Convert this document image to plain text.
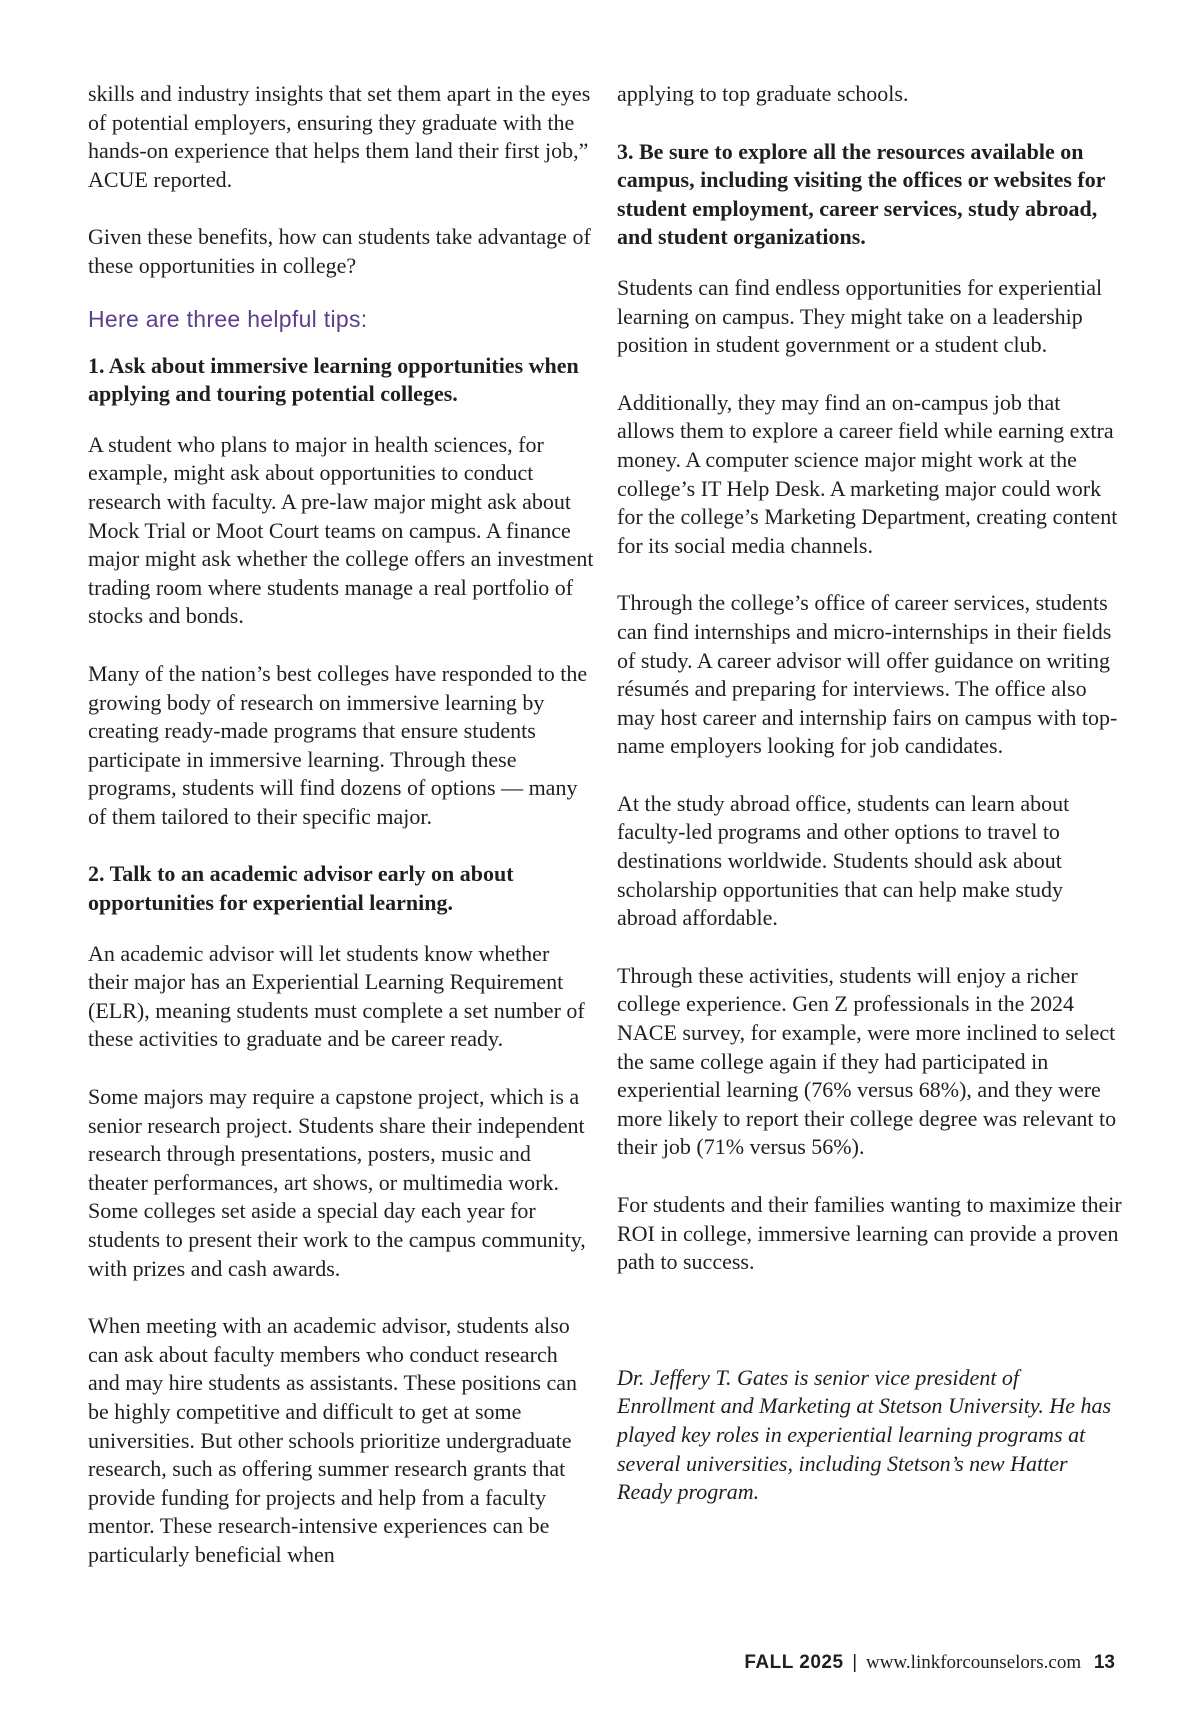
skills and industry insights that set them apart in the eyes of potential employers, ensuring they graduate with the hands-on experience that helps them land their first job,” ACUE reported.

Given these benefits, how can students take advantage of these opportunities in college?

Here are three helpful tips:

1. Ask about immersive learning opportunities when applying and touring potential colleges.

A student who plans to major in health sciences, for example, might ask about opportunities to conduct research with faculty. A pre-law major might ask about Mock Trial or Moot Court teams on campus. A finance major might ask whether the college offers an investment trading room where students manage a real portfolio of stocks and bonds.

Many of the nation’s best colleges have responded to the growing body of research on immersive learning by creating ready-made programs that ensure students participate in immersive learning. Through these programs, students will find dozens of options — many of them tailored to their specific major.

2. Talk to an academic advisor early on about opportunities for experiential learning.

An academic advisor will let students know whether their major has an Experiential Learning Requirement (ELR), meaning students must complete a set number of these activities to graduate and be career ready.

Some majors may require a capstone project, which is a senior research project. Students share their independent research through presentations, posters, music and theater performances, art shows, or multimedia work. Some colleges set aside a special day each year for students to present their work to the campus community, with prizes and cash awards.

When meeting with an academic advisor, students also can ask about faculty members who conduct research and may hire students as assistants. These positions can be highly competitive and difficult to get at some universities. But other schools prioritize undergraduate research, such as offering summer research grants that provide funding for projects and help from a faculty mentor. These research-intensive experiences can be particularly beneficial when

applying to top graduate schools.

3. Be sure to explore all the resources available on campus, including visiting the offices or websites for student employment, career services, study abroad, and student organizations.

Students can find endless opportunities for experiential learning on campus. They might take on a leadership position in student government or a student club.

Additionally, they may find an on-campus job that allows them to explore a career field while earning extra money. A computer science major might work at the college’s IT Help Desk. A marketing major could work for the college’s Marketing Department, creating content for its social media channels.

Through the college’s office of career services, students can find internships and micro-internships in their fields of study. A career advisor will offer guidance on writing résumés and preparing for interviews. The office also may host career and internship fairs on campus with top-name employers looking for job candidates.

At the study abroad office, students can learn about faculty-led programs and other options to travel to destinations worldwide. Students should ask about scholarship opportunities that can help make study abroad affordable.

Through these activities, students will enjoy a richer college experience. Gen Z professionals in the 2024 NACE survey, for example, were more inclined to select the same college again if they had participated in experiential learning (76% versus 68%), and they were more likely to report their college degree was relevant to their job (71% versus 56%).

For students and their families wanting to maximize their ROI in college, immersive learning can provide a proven path to success.

Dr. Jeffery T. Gates is senior vice president of Enrollment and Marketing at Stetson University. He has played key roles in experiential learning programs at several universities, including Stetson’s new Hatter Ready program.

FALL 2025 | www.linkforcounselors.com 13
